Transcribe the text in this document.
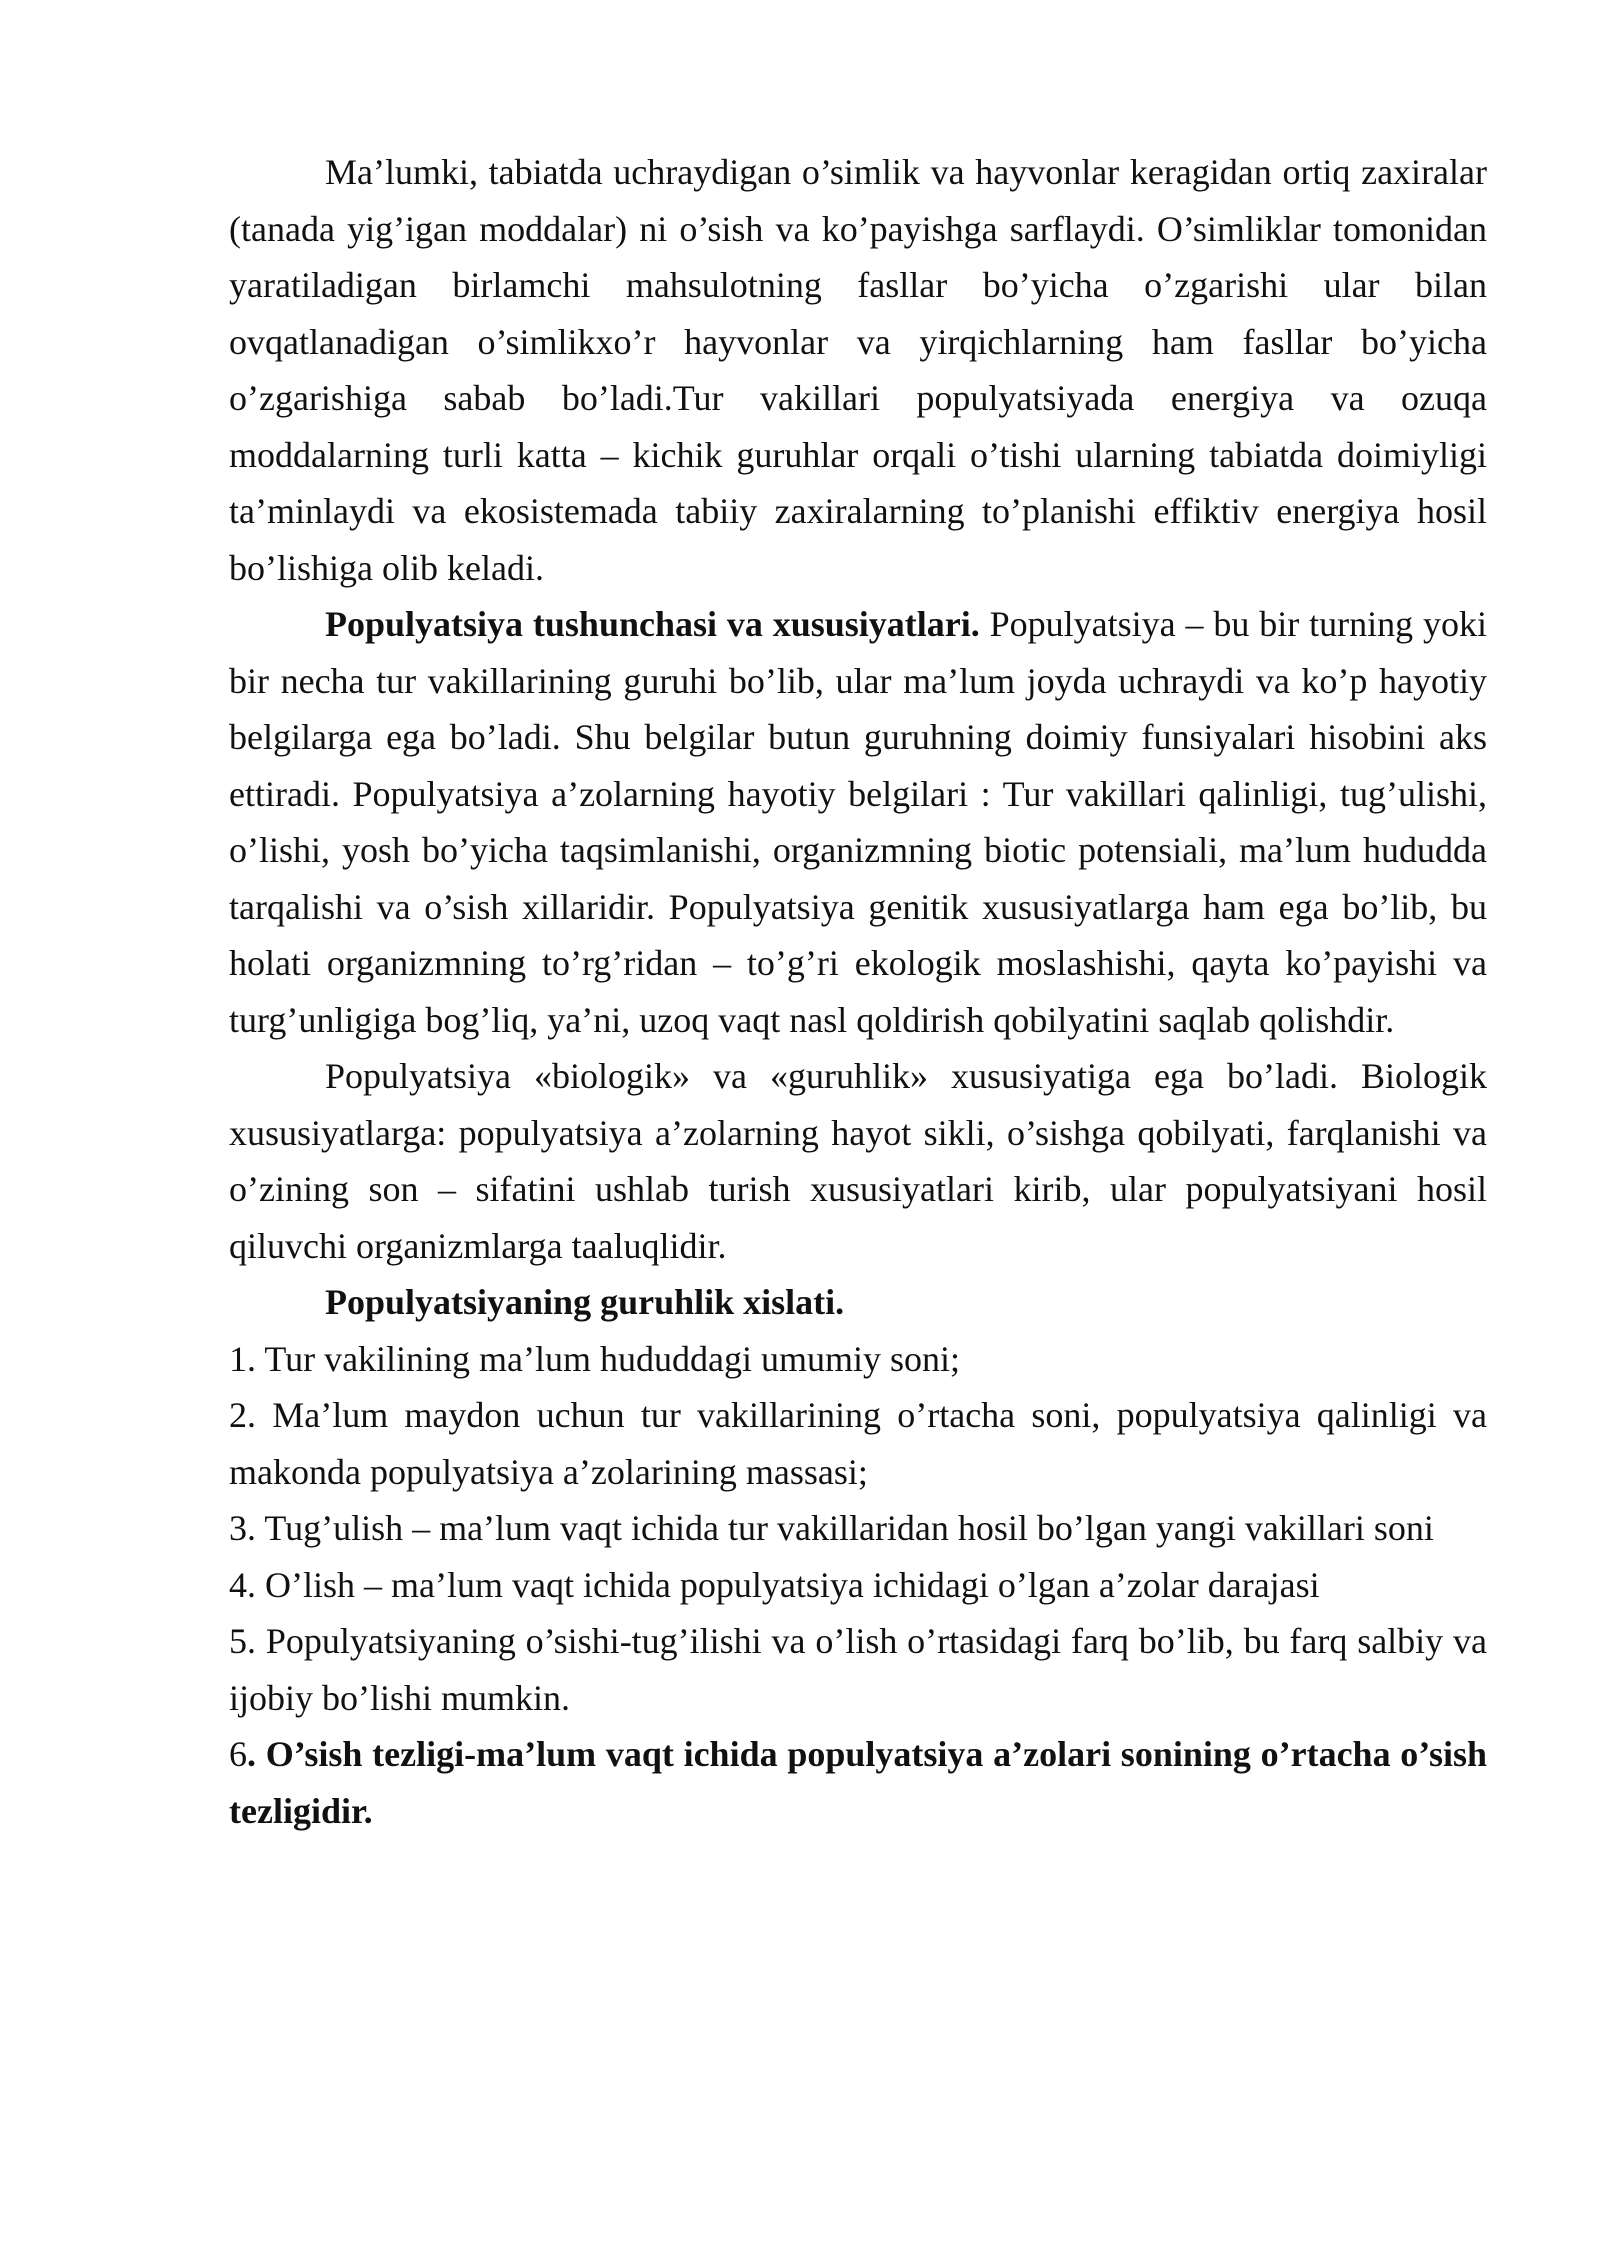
Ma’lumki, tabiatda uchraydigan o’simlik va hayvonlar keragidan ortiq zaxiralar (tanada yig’igan moddalar) ni o’sish va ko’payishga sarflaydi. O’simliklar tomonidan yaratiladigan birlamchi mahsulotning fasllar bo’yicha o’zgarishi ular bilan ovqatlanadigan o’simlikxo’r hayvonlar va yirqichlarning ham fasllar bo’yicha o’zgarishiga sabab bo’ladi.Tur vakillari populyatsiyada energiya va ozuqa moddalarning turli katta – kichik guruhlar orqali o’tishi ularning tabiatda doimiyligi ta’minlaydi va ekosistemada tabiiy zaxiralarning to’planishi effiktiv energiya hosil bo’lishiga olib keladi.

Populyatsiya tushunchasi va xususiyatlari. Populyatsiya – bu bir turning yoki bir necha tur vakillarining guruhi bo’lib, ular ma’lum joyda uchraydi va ko’p hayotiy belgilarga ega bo’ladi. Shu belgilar butun guruhning doimiy funsiyalari hisobini aks ettiradi. Populyatsiya a’zolarning hayotiy belgilari : Tur vakillari qalinligi, tug’ulishi, o’lishi, yosh bo’yicha taqsimlanishi, organizmning biotic potensiali, ma’lum hududda tarqalishi va o’sish xillaridir. Populyatsiya genitik xususiyatlarga ham ega bo’lib, bu holati organizmning to’rg’ridan – to’g’ri ekologik moslashishi, qayta ko’payishi va turg’unligiga bog’liq, ya’ni, uzoq vaqt nasl qoldirish qobilyatini saqlab qolishdir.

Populyatsiya «biologik» va «guruhlik» xususiyatiga ega bo’ladi. Biologik xususiyatlarga: populyatsiya a’zolarning hayot sikli, o’sishga qobilyati, farqlanishi va o’zining son – sifatini ushlab turish xususiyatlari kirib, ular populyatsiyani hosil qiluvchi organizmlarga taaluqlidir.

Populyatsiyaning guruhlik xislati.

1. Tur vakilining ma’lum hududdagi umumiy soni;

2. Ma’lum maydon uchun tur vakillarining o’rtacha soni, populyatsiya qalinligi va makonda populyatsiya a’zolarining massasi;

3. Tug’ulish – ma’lum vaqt ichida tur vakillaridan hosil bo’lgan yangi vakillari soni

4. O’lish – ma’lum vaqt ichida populyatsiya ichidagi o’lgan a’zolar darajasi

5. Populyatsiyaning o’sishi-tug’ilishi va o’lish o’rtasidagi farq bo’lib, bu farq salbiy va ijobiy bo’lishi mumkin.

6. O’sish tezligi-ma’lum vaqt ichida populyatsiya a’zolari sonining o’rtacha o’sish tezligidir.
